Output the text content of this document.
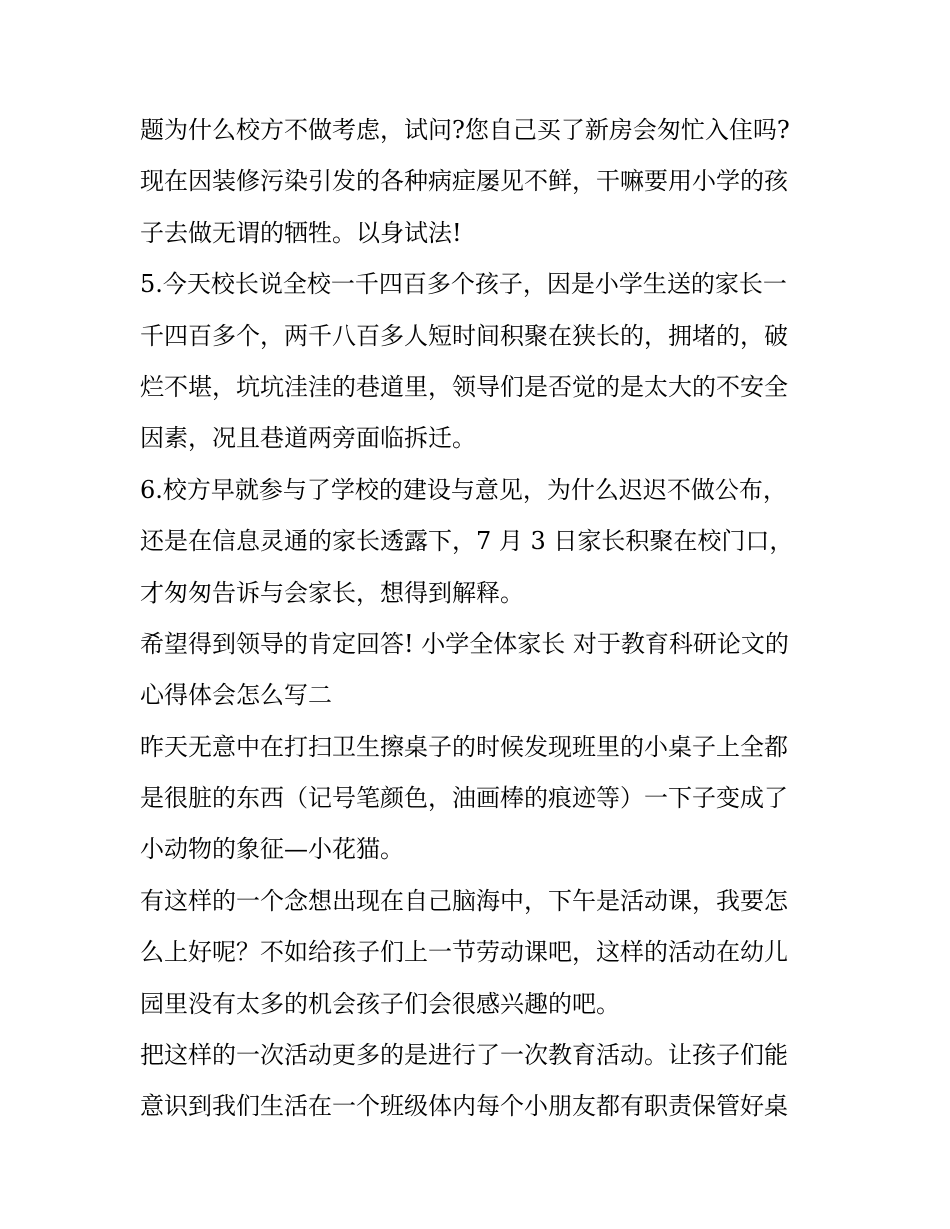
题为什么校方不做考虑，试问?您自己买了新房会匆忙入住吗?
现在因装修污染引发的各种病症屡见不鲜，干嘛要用小学的孩
子去做无谓的牺牲。以身试法!
5.今天校长说全校一千四百多个孩子，因是小学生送的家长一
千四百多个，两千八百多人短时间积聚在狭长的，拥堵的，破
烂不堪，坑坑洼洼的巷道里，领导们是否觉的是太大的不安全
因素，况且巷道两旁面临拆迁。
6.校方早就参与了学校的建设与意见，为什么迟迟不做公布，
还是在信息灵通的家长透露下，7 月 3 日家长积聚在校门口，
才匆匆告诉与会家长，想得到解释。
希望得到领导的肯定回答! 小学全体家长 对于教育科研论文的
心得体会怎么写二
昨天无意中在打扫卫生擦桌子的时候发现班里的小桌子上全都
是很脏的东西（记号笔颜色，油画棒的痕迹等）一下子变成了
小动物的象征—小花猫。
有这样的一个念想出现在自己脑海中，下午是活动课，我要怎
么上好呢？不如给孩子们上一节劳动课吧，这样的活动在幼儿
园里没有太多的机会孩子们会很感兴趣的吧。
把这样的一次活动更多的是进行了一次教育活动。让孩子们能
意识到我们生活在一个班级体内每个小朋友都有职责保管好桌
